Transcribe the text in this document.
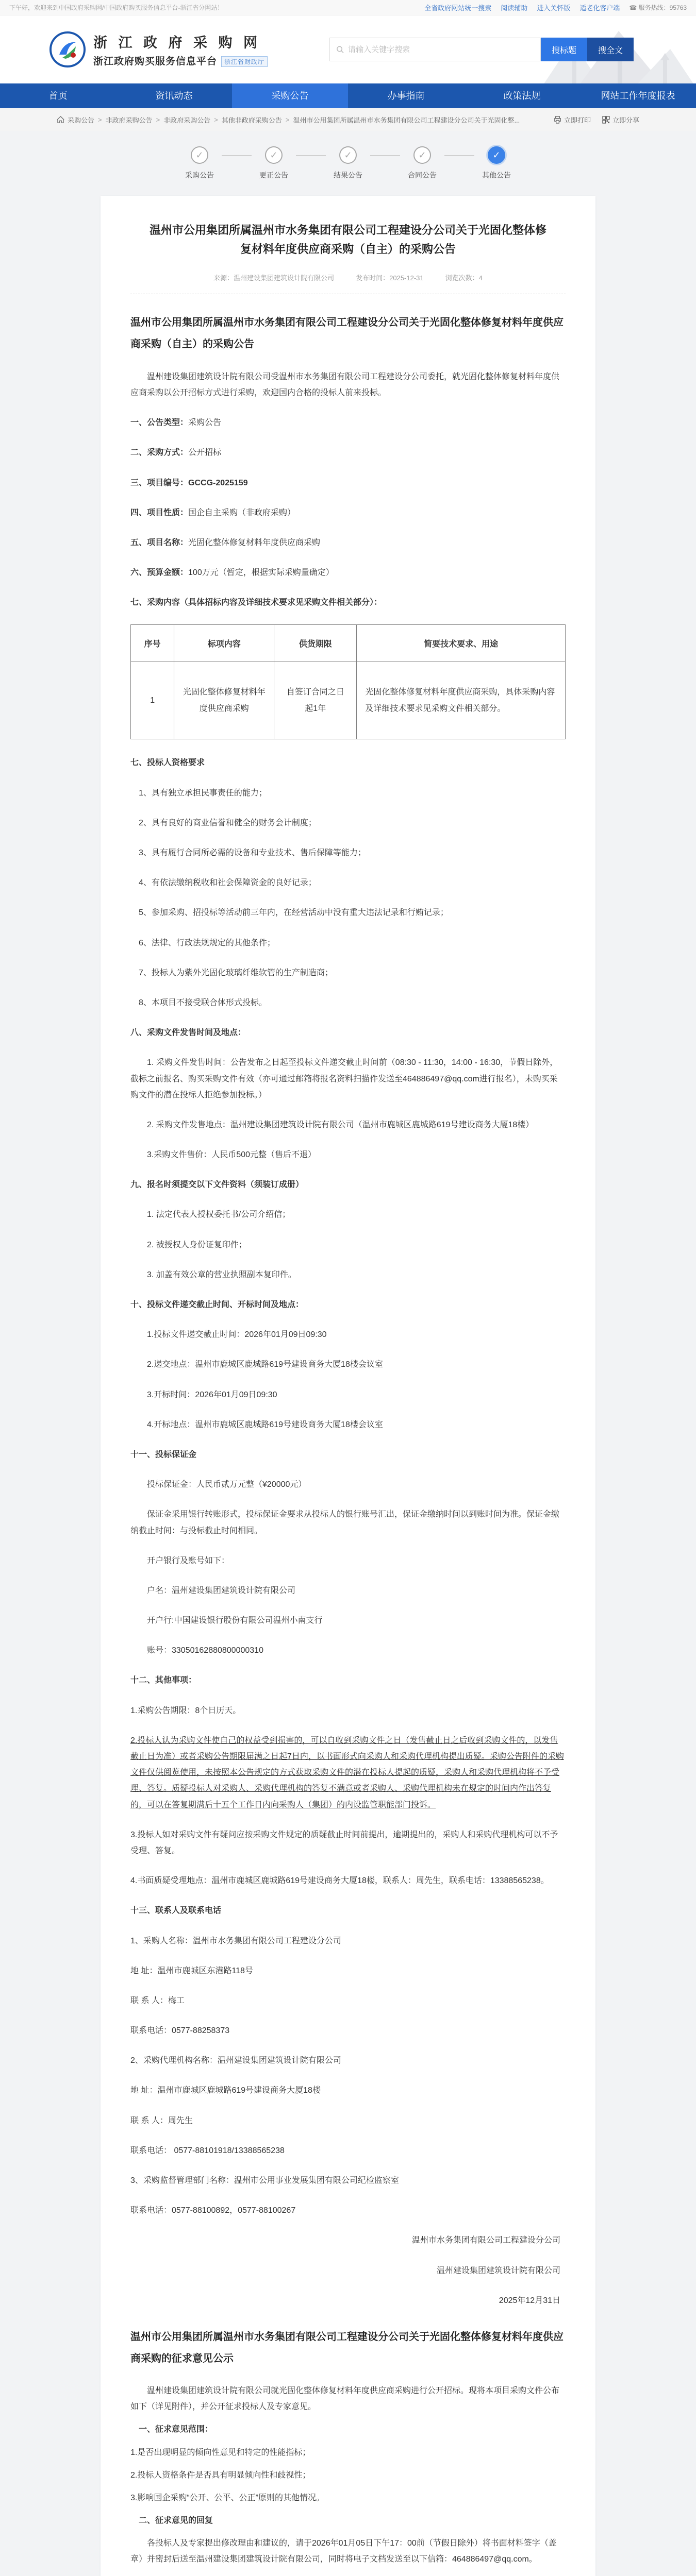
下午好，欢迎来到中国政府采购网/中国政府购买服务信息平台-浙江省分网站！	全省政府网站统一搜索 阅读辅助 进入关怀版 适老化客户端 ☎ 服务热线：95763
浙 江 政 府 采 购 网
浙江政府购买服务信息平台 浙江省财政厅
请输入关键字搜索
搜标题	搜全文
首页	资讯动态	采购公告	办事指南	政策法规	网站工作年度报表
采购公告 > 非政府采购公告 > 非政府采购公告 > 其他非政府采购公告 > 温州市公用集团所属温州市水务集团有限公司工程建设分公司关于光固化整...	立即打印	立即分享
✓
采购公告
✓
更正公告
✓
结果公告
✓
合同公告
✓
其他公告
温州市公用集团所属温州市水务集团有限公司工程建设分公司关于光固化整体修复材料年度供应商采购（自主）的采购公告
来源：温州建设集团建筑设计院有限公司	发布时间：2025-12-31	浏览次数：4
温州市公用集团所属温州市水务集团有限公司工程建设分公司关于光固化整体修复材料年度供应商采购（自主）的采购公告

温州建设集团建筑设计院有限公司受温州市水务集团有限公司工程建设分公司委托，就光固化整体修复材料年度供应商采购以公开招标方式进行采购，欢迎国内合格的投标人前来投标。

一、公告类型：采购公告

二、采购方式：公开招标

三、项目编号：GCCG-2025159

四、项目性质：国企自主采购（非政府采购）

五、项目名称：光固化整体修复材料年度供应商采购

六、预算金额：100万元（暂定，根据实际采购量确定）

七、采购内容（具体招标内容及详细技术要求见采购文件相关部分）：

序号	标项内容	供货期限	简要技术要求、用途
1	光固化整体修复材料年度供应商采购	自签订合同之日起1年	光固化整体修复材料年度供应商采购，具体采购内容及详细技术要求见采购文件相关部分。

七、投标人资格要求

1、具有独立承担民事责任的能力；

2、具有良好的商业信誉和健全的财务会计制度；

3、具有履行合同所必需的设备和专业技术、售后保障等能力；

4、有依法缴纳税收和社会保障资金的良好记录；

5、参加采购、招投标等活动前三年内，在经营活动中没有重大违法记录和行贿记录；

6、法律、行政法规规定的其他条件；

7、投标人为紫外光固化玻璃纤维软管的生产制造商；

8、本项目不接受联合体形式投标。

八、采购文件发售时间及地点：

1. 采购文件发售时间：公告发布之日起至投标文件递交截止时间前（08:30 - 11:30，14:00 - 16:30，节假日除外，截标之前报名、购买采购文件有效（亦可通过邮箱将报名资料扫描件发送至464886497@qq.com进行报名），未购买采购文件的潜在投标人拒绝参加投标。）

2. 采购文件发售地点：温州建设集团建筑设计院有限公司（温州市鹿城区鹿城路619号建设商务大厦18楼）

3.采购文件售价：人民币500元整（售后不退）

九、报名时须提交以下文件资料（须装订成册）

1. 法定代表人授权委托书/公司介绍信；

2. 被授权人身份证复印件；

3. 加盖有效公章的营业执照副本复印件。

十、投标文件递交截止时间、开标时间及地点：

1.投标文件递交截止时间：2026年01月09日09:30

2.递交地点：温州市鹿城区鹿城路619号建设商务大厦18楼会议室

3.开标时间：2026年01月09日09:30

4.开标地点：温州市鹿城区鹿城路619号建设商务大厦18楼会议室

十一、投标保证金

投标保证金：人民币贰万元整（¥20000元）

保证金采用银行转账形式，投标保证金要求从投标人的银行账号汇出，保证金缴纳时间以到账时间为准。保证金缴纳截止时间：与投标截止时间相同。

开户银行及账号如下：

户名：温州建设集团建筑设计院有限公司

开户行:中国建设银行股份有限公司温州小南支行

账号：33050162880800000310

十二、其他事项：

1.采购公告期限：8个日历天。

2.投标人认为采购文件使自己的权益受到损害的，可以自收到采购文件之日（发售截止日之后收到采购文件的，以发售截止日为准）或者采购公告期限届满之日起7日内，以书面形式向采购人和采购代理机构提出质疑。采购公告附件的采购文件仅供阅览使用，未按照本公告规定的方式获取采购文件的潜在投标人提起的质疑，采购人和采购代理机构将不予受理、答复。质疑投标人对采购人、采购代理机构的答复不满意或者采购人、采购代理机构未在规定的时间内作出答复的，可以在答复期满后十五个工作日内向采购人（集团）的内设监管职能部门投诉。

3.投标人如对采购文件有疑问应按采购文件规定的质疑截止时间前提出，逾期提出的，采购人和采购代理机构可以不予受理、答复。

4.书面质疑受理地点：温州市鹿城区鹿城路619号建设商务大厦18楼，联系人：周先生，联系电话：13388565238。

十三、联系人及联系电话

1、采购人名称：温州市水务集团有限公司工程建设分公司

地 址：温州市鹿城区东港路118号

联 系 人：梅工

联系电话：0577-88258373

2、采购代理机构名称：温州建设集团建筑设计院有限公司

地 址：温州市鹿城区鹿城路619号建设商务大厦18楼

联 系 人：周先生

联系电话： 0577-88101918/13388565238

3、采购监督管理部门名称：温州市公用事业发展集团有限公司纪检监察室

联系电话：0577-88100892，0577-88100267

温州市水务集团有限公司工程建设分公司

温州建设集团建筑设计院有限公司

2025年12月31日

温州市公用集团所属温州市水务集团有限公司工程建设分公司关于光固化整体修复材料年度供应商采购的征求意见公示

温州建设集团建筑设计院有限公司就光固化整体修复材料年度供应商采购进行公开招标。现将本项目采购文件公布如下（详见附件），并公开征求投标人及专家意见。

一、征求意见范围：

1.是否出现明显的倾向性意见和特定的性能指标；

2.投标人资格条件是否具有明显倾向性和歧视性；

3.影响国企采购“公开、公平、公正”原则的其他情况。

二、征求意见的回复

各投标人及专家提出修改理由和建议的，请于2026年01月05日下午17：00前（节假日除外）将书面材料签字（盖章）并密封后送至温州建设集团建筑设计院有限公司，同时将电子文档发送至以下信箱：464886497@qq.com。
